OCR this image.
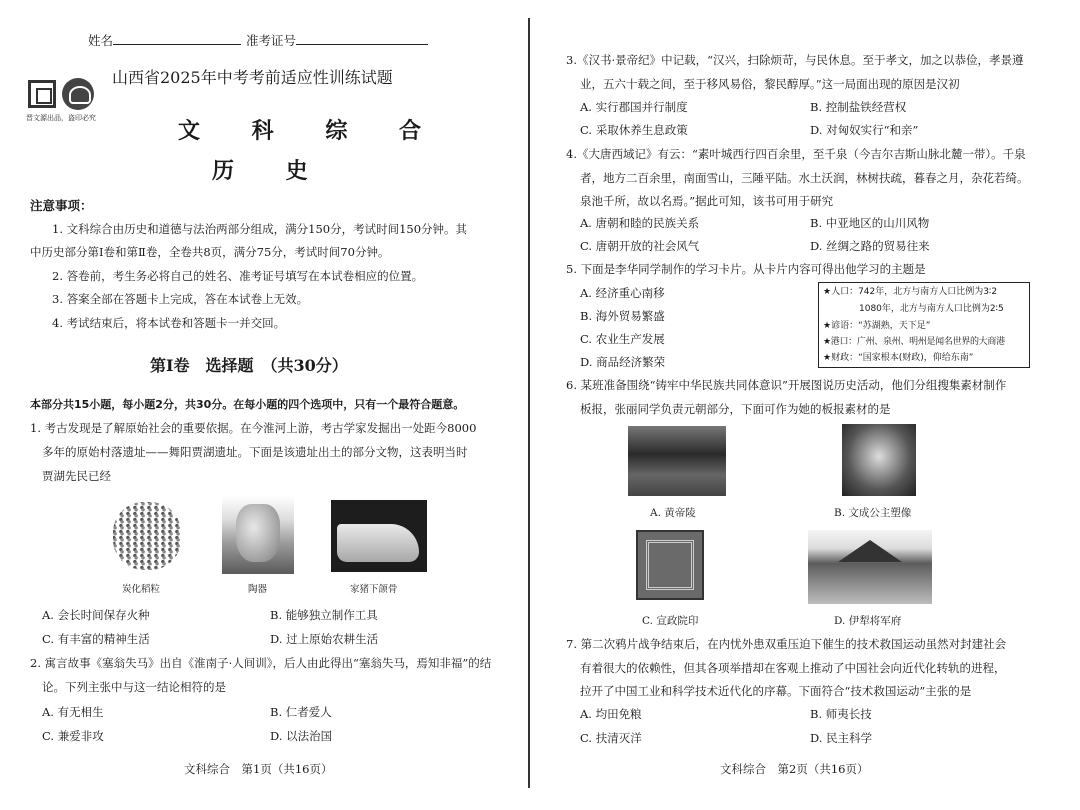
姓名	准考证号
晋文源出品，盗印必究
山西省2025年中考考前适应性训练试题
文 科 综 合
历 史
注意事项：
1. 文科综合由历史和道德与法治两部分组成，满分150分，考试时间150分钟。其
中历史部分第Ⅰ卷和第Ⅱ卷，全卷共8页，满分75分，考试时间70分钟。
2. 答卷前，考生务必将自己的姓名、准考证号填写在本试卷相应的位置。
3. 答案全部在答题卡上完成，答在本试卷上无效。
4. 考试结束后，将本试卷和答题卡一并交回。
第Ⅰ卷　选择题　（共30分）
本部分共15小题，每小题2分，共30分。在每小题的四个选项中，只有一个最符合题意。
1. 考古发现是了解原始社会的重要依据。在今淮河上游，考古学家发掘出一处距今8000
多年的原始村落遗址——舞阳贾湖遗址。下面是该遗址出土的部分文物，这表明当时
贾湖先民已经
炭化稻粒	陶器	家猪下颌骨
A. 会长时间保存火种	B. 能够独立制作工具
C. 有丰富的精神生活	D. 过上原始农耕生活
2. 寓言故事《塞翁失马》出自《淮南子·人间训》，后人由此得出“塞翁失马，焉知非福”的结
论。下列主张中与这一结论相符的是
A. 有无相生	B. 仁者爱人
C. 兼爱非攻	D. 以法治国
文科综合　第1页（共16页）
3.《汉书·景帝纪》中记载，“汉兴，扫除烦苛，与民休息。至于孝文，加之以恭俭，孝景遵
业，五六十载之间，至于移风易俗，黎民醇厚。”这一局面出现的原因是汉初
A. 实行郡国并行制度	B. 控制盐铁经营权
C. 采取休养生息政策	D. 对匈奴实行“和亲”
4.《大唐西域记》有云：“素叶城西行四百余里，至千泉（今吉尔吉斯山脉北麓一带）。千泉
者，地方二百余里，南面雪山，三陲平陆。水土沃润，林树扶疏，暮春之月，杂花若绮。
泉池千所，故以名焉。”据此可知，该书可用于研究
A. 唐朝和睦的民族关系	B. 中亚地区的山川风物
C. 唐朝开放的社会风气	D. 丝绸之路的贸易往来
5. 下面是李华同学制作的学习卡片。从卡片内容可得出他学习的主题是
A. 经济重心南移
B. 海外贸易繁盛
C. 农业生产发展
D. 商品经济繁荣
6. 某班准备围绕“铸牢中华民族共同体意识”开展图说历史活动，他们分组搜集素材制作
板报，张丽同学负责元朝部分，下面可作为她的板报素材的是
A. 黄帝陵	B. 文成公主塑像
C. 宣政院印	D. 伊犁将军府
7. 第二次鸦片战争结束后，在内忧外患双重压迫下催生的技术救国运动虽然对封建社会
有着很大的依赖性，但其各项举措却在客观上推动了中国社会向近代化转轨的进程，
拉开了中国工业和科学技术近代化的序幕。下面符合“技术救国运动”主张的是
A. 均田免粮	B. 师夷长技
C. 扶清灭洋	D. 民主科学
文科综合　第2页（共16页）
★人口：742年，北方与南方人口比例为3∶2
1080年，北方与南方人口比例为2∶5
★谚语：“苏湖熟，天下足”
★港口：广州、泉州、明州是闻名世界的大商港
★财政：“国家根本(财政)，仰给东南”
